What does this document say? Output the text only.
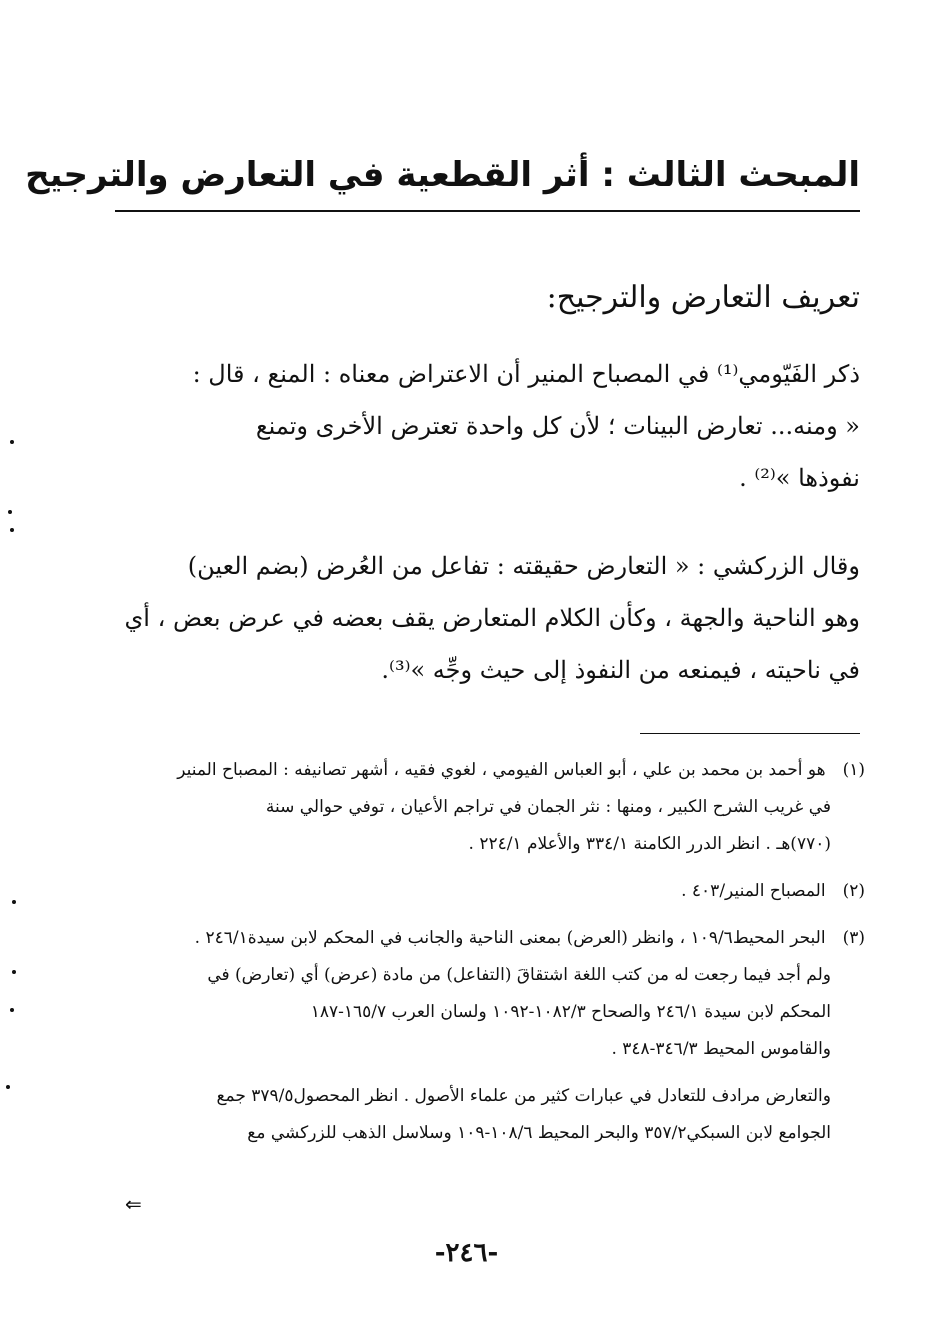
المبحث الثالث : أثر القطعية في التعارض والترجيح
تعريف التعارض والترجيح:
ذكر الفَيّومي⁽¹⁾ في المصباح المنير أن الاعتراض معناه : المنع ، قال :
« ومنه... تعارض البينات ؛ لأن كل واحدة تعترض الأخرى وتمنع
نفوذها »⁽²⁾ .
وقال الزركشي : « التعارض حقيقته : تفاعل من العُرض (بضم العين)
وهو الناحية والجهة ، وكأن الكلام المتعارض يقف بعضه في عرض بعض ، أي
في ناحيته ، فيمنعه من النفوذ إلى حيث وجِّه »⁽³⁾.
(١) هو أحمد بن محمد بن علي ، أبو العباس الفيومي ، لغوي فقيه ، أشهر تصانيفه : المصباح المنير
في غريب الشرح الكبير ، ومنها : نثر الجمان في تراجم الأعيان ، توفي حوالي سنة
(٧٧٠)هـ . انظر الدرر الكامنة ٣٣٤/١ والأعلام ٢٢٤/١ .
(٢) المصباح المنير/٤٠٣ .
(٣) البحر المحيط١٠٩/٦ ، وانظر (العرض) بمعنى الناحية والجانب في المحكم لابن سيدة٢٤٦/١ .
ولم أجد فيما رجعت له من كتب اللغة اشتقاقَ (التفاعل) من مادة (عرض) أي (تعارض) في
المحكم لابن سيدة ٢٤٦/١ والصحاح ١٠٨٢/٣-١٠٩٢ ولسان العرب ١٦٥/٧-١٨٧
والقاموس المحيط ٣٤٦/٣-٣٤٨ .
والتعارض مرادف للتعادل في عبارات كثير من علماء الأصول . انظر المحصول٣٧٩/٥ جمع
الجوامع لابن السبكي٣٥٧/٢ والبحر المحيط ١٠٨/٦-١٠٩ وسلاسل الذهب للزركشي مع
⇐
-٢٤٦-
